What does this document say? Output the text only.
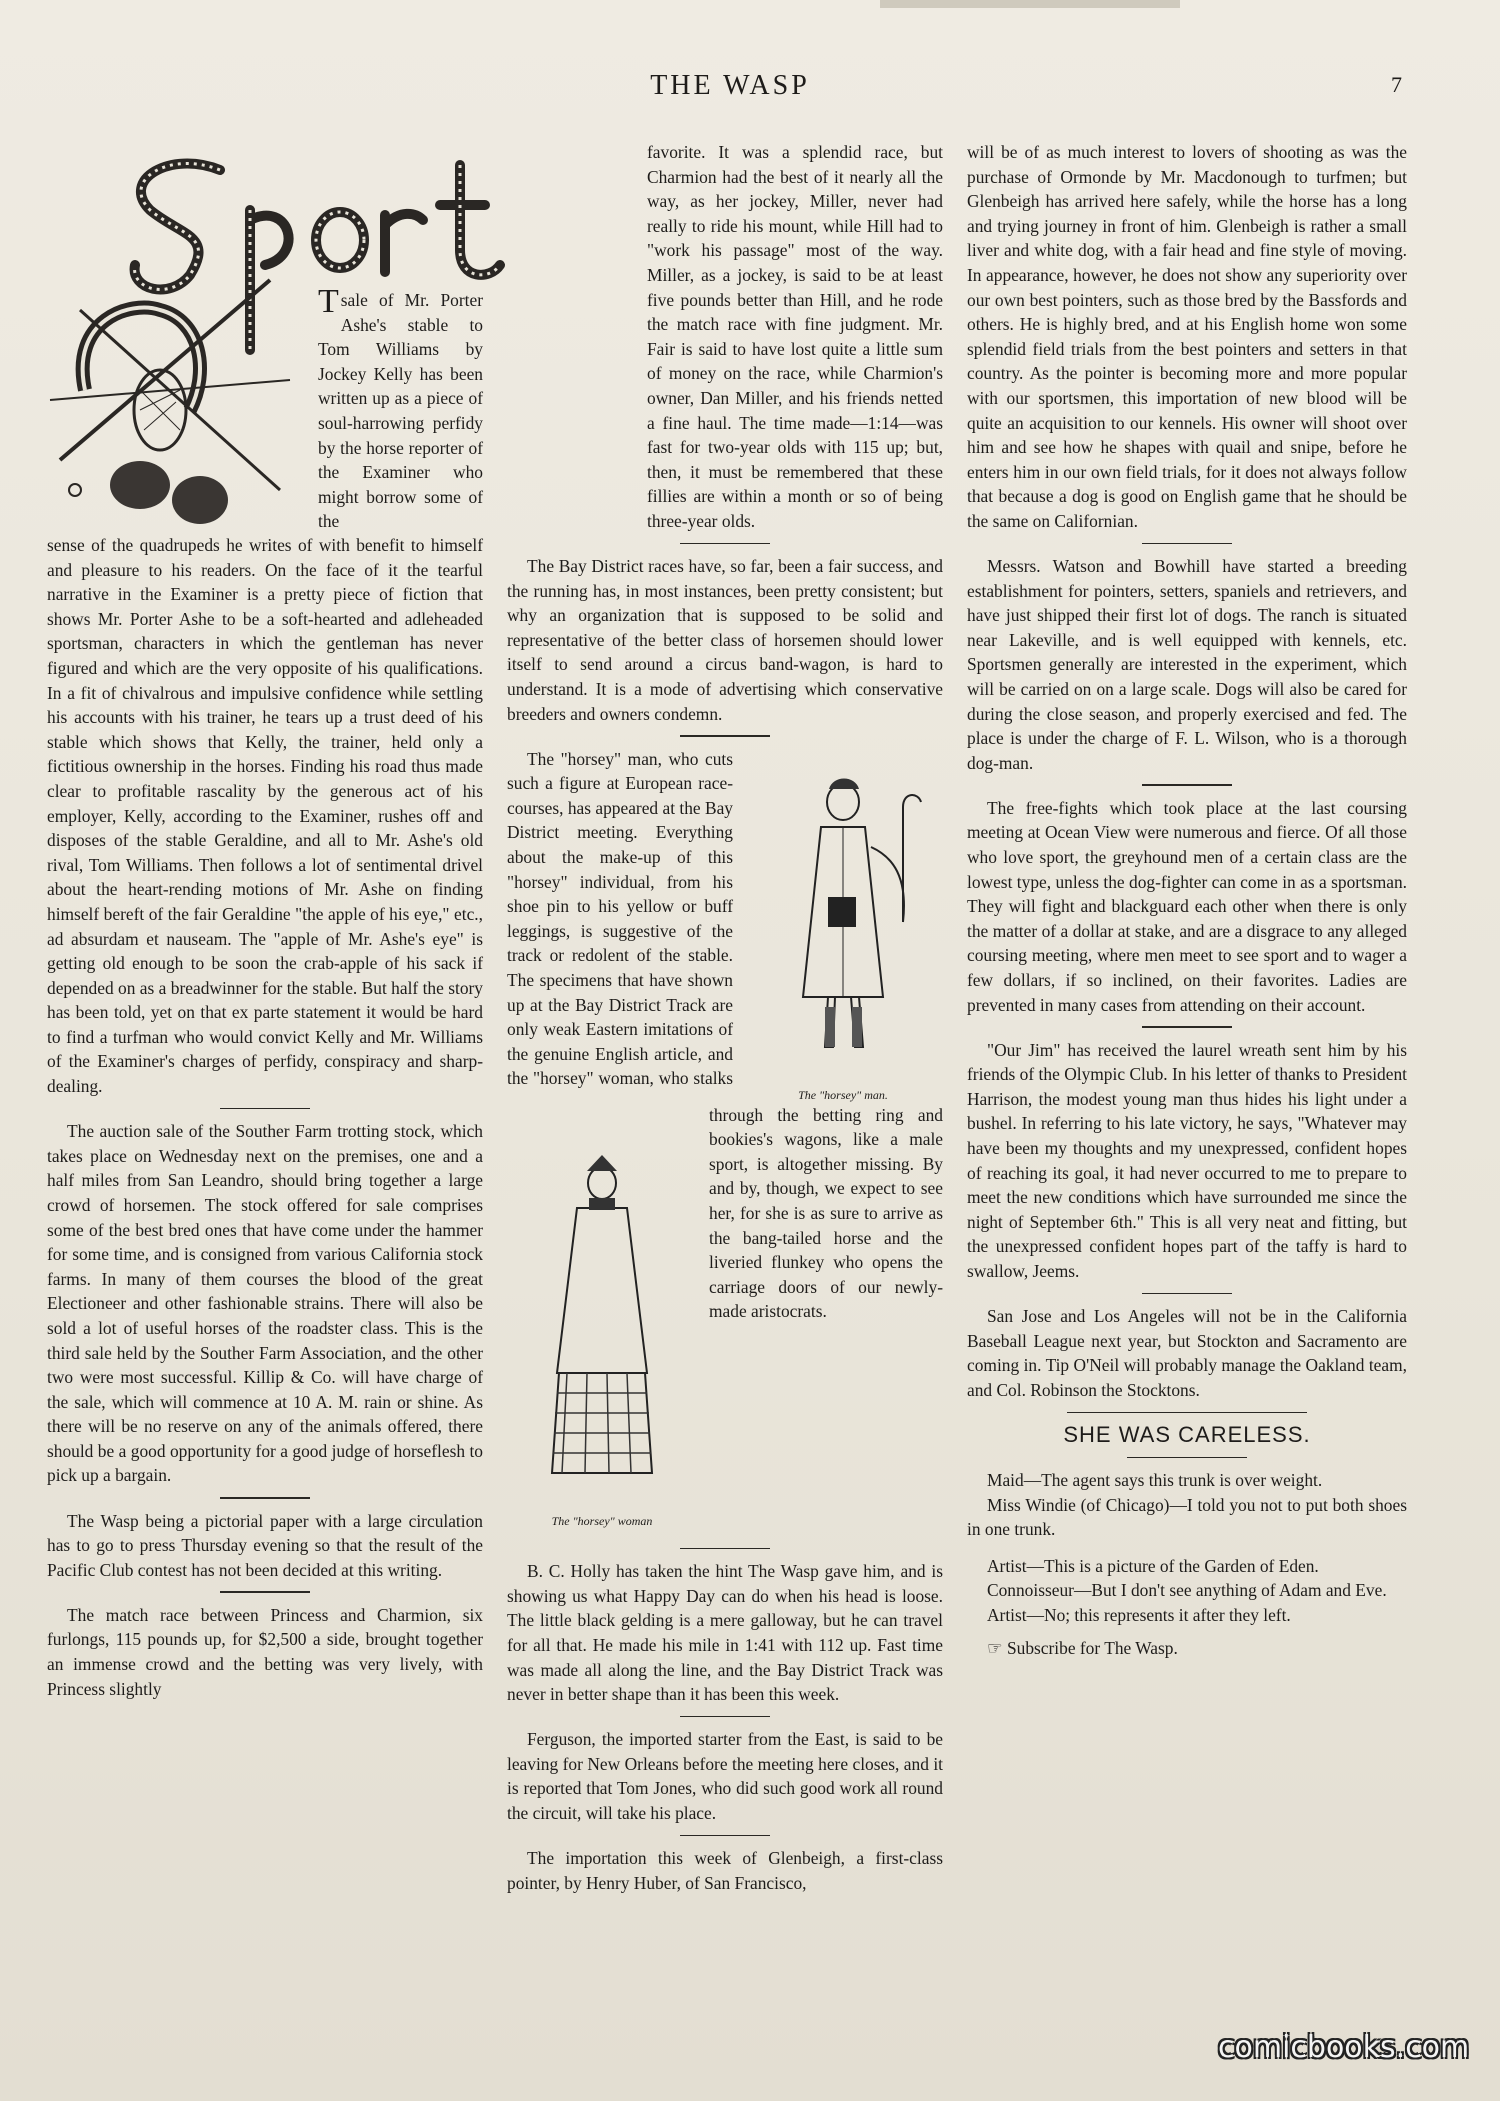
THE WASP	7
T sale of Mr. Porter Ashe's stable to Tom Williams by Jockey Kelly has been written up as a piece of soul-harrowing perfidy by the horse reporter of the Examiner who might borrow some of the

sense of the quadrupeds he writes of with benefit to himself and pleasure to his readers. On the face of it the tearful narrative in the Examiner is a pretty piece of fiction that shows Mr. Porter Ashe to be a soft-hearted and adleheaded sportsman, characters in which the gentleman has never figured and which are the very opposite of his qualifications. In a fit of chivalrous and impulsive confidence while settling his accounts with his trainer, he tears up a trust deed of his stable which shows that Kelly, the trainer, held only a fictitious ownership in the horses. Finding his road thus made clear to profitable rascality by the generous act of his employer, Kelly, according to the Examiner, rushes off and disposes of the stable Geraldine, and all to Mr. Ashe's old rival, Tom Williams. Then follows a lot of sentimental drivel about the heart-rending motions of Mr. Ashe on finding himself bereft of the fair Geraldine "the apple of his eye," etc., ad absurdam et nauseam. The "apple of Mr. Ashe's eye" is getting old enough to be soon the crab-apple of his sack if depended on as a breadwinner for the stable. But half the story has been told, yet on that ex parte statement it would be hard to find a turfman who would convict Kelly and Mr. Williams of the Examiner's charges of perfidy, conspiracy and sharp-dealing.

The auction sale of the Souther Farm trotting stock, which takes place on Wednesday next on the premises, one and a half miles from San Leandro, should bring together a large crowd of horsemen. The stock offered for sale comprises some of the best bred ones that have come under the hammer for some time, and is consigned from various California stock farms. In many of them courses the blood of the great Electioneer and other fashionable strains. There will also be sold a lot of useful horses of the roadster class. This is the third sale held by the Souther Farm Association, and the other two were most successful. Killip & Co. will have charge of the sale, which will commence at 10 A. M. rain or shine. As there will be no reserve on any of the animals offered, there should be a good opportunity for a good judge of horseflesh to pick up a bargain.

The Wasp being a pictorial paper with a large circulation has to go to press Thursday evening so that the result of the Pacific Club contest has not been decided at this writing.

The match race between Princess and Charmion, six furlongs, 115 pounds up, for $2,500 a side, brought together an immense crowd and the betting was very lively, with Princess slightly

favorite. It was a splendid race, but Charmion had the best of it nearly all the way, as her jockey, Miller, never had really to ride his mount, while Hill had to "work his passage" most of the way. Miller, as a jockey, is said to be at least five pounds better than Hill, and he rode the match race with fine judgment. Mr. Fair is said to have lost quite a little sum of money on the race, while Charmion's owner, Dan Miller, and his friends netted a fine haul. The time made—1:14—was fast for two-year olds with 115 up; but, then, it must be remembered that these fillies are within a month or so of being three-year olds.

The Bay District races have, so far, been a fair success, and the running has, in most instances, been pretty consistent; but why an organization that is supposed to be solid and representative of the better class of horsemen should lower itself to send around a circus band-wagon, is hard to understand. It is a mode of advertising which conservative breeders and owners condemn.

The "horsey" man.
The "horsey" woman

The "horsey" man, who cuts such a figure at European race-courses, has appeared at the Bay District meeting. Everything about the make-up of this "horsey" individual, from his shoe pin to his yellow or buff leggings, is suggestive of the track or redolent of the stable. The specimens that have shown up at the Bay District Track are only weak Eastern imitations of the genuine English article, and the "horsey" woman, who stalks through the betting ring and bookies's wagons, like a male sport, is altogether missing. By and by, though, we expect to see her, for she is as sure to arrive as the bang-tailed horse and the liveried flunkey who opens the carriage doors of our newly-made aristocrats.

B. C. Holly has taken the hint The Wasp gave him, and is showing us what Happy Day can do when his head is loose. The little black gelding is a mere galloway, but he can travel for all that. He made his mile in 1:41 with 112 up. Fast time was made all along the line, and the Bay District Track was never in better shape than it has been this week.

Ferguson, the imported starter from the East, is said to be leaving for New Orleans before the meeting here closes, and it is reported that Tom Jones, who did such good work all round the circuit, will take his place.

The importation this week of Glenbeigh, a first-class pointer, by Henry Huber, of San Francisco,

will be of as much interest to lovers of shooting as was the purchase of Ormonde by Mr. Macdonough to turfmen; but Glenbeigh has arrived here safely, while the horse has a long and trying journey in front of him. Glenbeigh is rather a small liver and white dog, with a fair head and fine style of moving. In appearance, however, he does not show any superiority over our own best pointers, such as those bred by the Bassfords and others. He is highly bred, and at his English home won some splendid field trials from the best pointers and setters in that country. As the pointer is becoming more and more popular with our sportsmen, this importation of new blood will be quite an acquisition to our kennels. His owner will shoot over him and see how he shapes with quail and snipe, before he enters him in our own field trials, for it does not always follow that because a dog is good on English game that he should be the same on Californian.

Messrs. Watson and Bowhill have started a breeding establishment for pointers, setters, spaniels and retrievers, and have just shipped their first lot of dogs. The ranch is situated near Lakeville, and is well equipped with kennels, etc. Sportsmen generally are interested in the experiment, which will be carried on on a large scale. Dogs will also be cared for during the close season, and properly exercised and fed. The place is under the charge of F. L. Wilson, who is a thorough dog-man.

The free-fights which took place at the last coursing meeting at Ocean View were numerous and fierce. Of all those who love sport, the greyhound men of a certain class are the lowest type, unless the dog-fighter can come in as a sportsman. They will fight and blackguard each other when there is only the matter of a dollar at stake, and are a disgrace to any alleged coursing meeting, where men meet to see sport and to wager a few dollars, if so inclined, on their favorites. Ladies are prevented in many cases from attending on their account.

"Our Jim" has received the laurel wreath sent him by his friends of the Olympic Club. In his letter of thanks to President Harrison, the modest young man thus hides his light under a bushel. In referring to his late victory, he says, "Whatever may have been my thoughts and my unexpressed, confident hopes of reaching its goal, it had never occurred to me to prepare to meet the new conditions which have surrounded me since the night of September 6th." This is all very neat and fitting, but the unexpressed confident hopes part of the taffy is hard to swallow, Jeems.

San Jose and Los Angeles will not be in the California Baseball League next year, but Stockton and Sacramento are coming in. Tip O'Neil will probably manage the Oakland team, and Col. Robinson the Stocktons.

SHE WAS CARELESS.

Maid—The agent says this trunk is over weight.

Miss Windie (of Chicago)—I told you not to put both shoes in one trunk.

Artist—This is a picture of the Garden of Eden.

Connoisseur—But I don't see anything of Adam and Eve.

Artist—No; this represents it after they left.

☞ Subscribe for The Wasp.

comicbooks.com
